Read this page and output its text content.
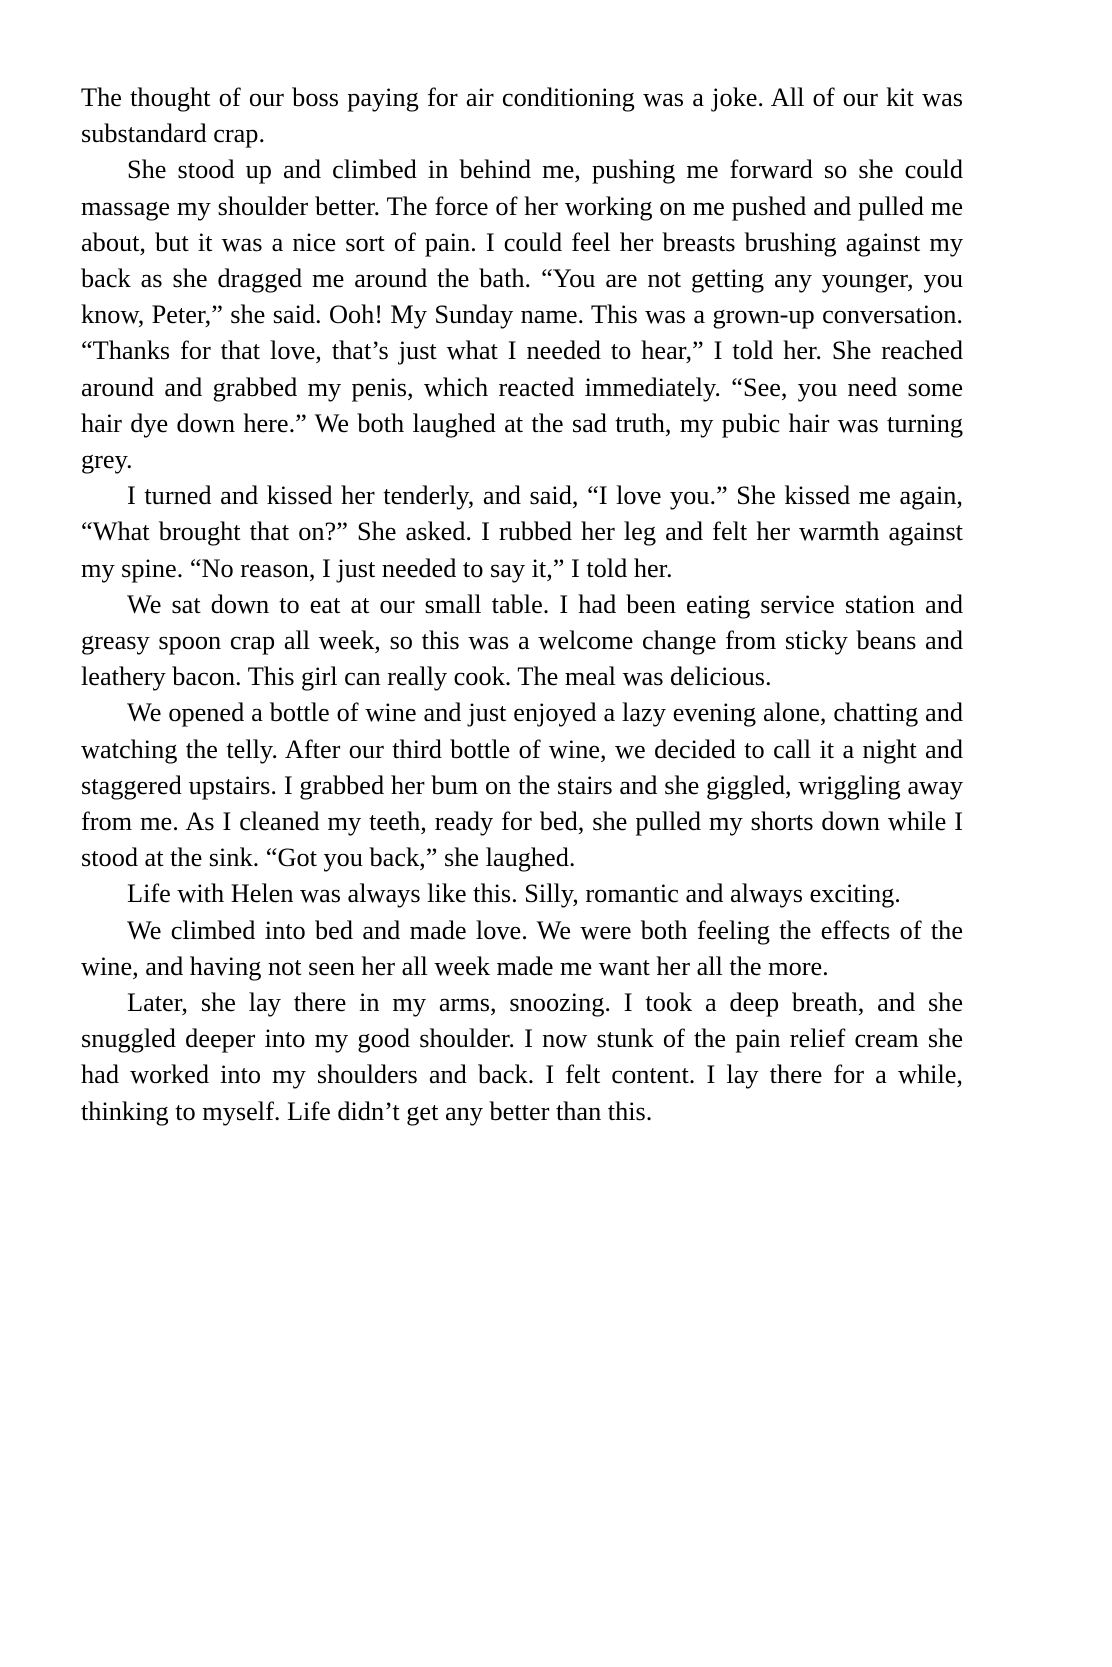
The thought of our boss paying for air conditioning was a joke. All of our kit was substandard crap.

She stood up and climbed in behind me, pushing me forward so she could massage my shoulder better. The force of her working on me pushed and pulled me about, but it was a nice sort of pain. I could feel her breasts brushing against my back as she dragged me around the bath. “You are not getting any younger, you know, Peter,” she said. Ooh! My Sunday name. This was a grown-up conversation. “Thanks for that love, that’s just what I needed to hear,” I told her. She reached around and grabbed my penis, which reacted immediately. “See, you need some hair dye down here.” We both laughed at the sad truth, my pubic hair was turning grey.

I turned and kissed her tenderly, and said, “I love you.” She kissed me again, “What brought that on?” She asked. I rubbed her leg and felt her warmth against my spine. “No reason, I just needed to say it,” I told her.

We sat down to eat at our small table. I had been eating service station and greasy spoon crap all week, so this was a welcome change from sticky beans and leathery bacon. This girl can really cook. The meal was delicious.

We opened a bottle of wine and just enjoyed a lazy evening alone, chatting and watching the telly. After our third bottle of wine, we decided to call it a night and staggered upstairs. I grabbed her bum on the stairs and she giggled, wriggling away from me. As I cleaned my teeth, ready for bed, she pulled my shorts down while I stood at the sink. “Got you back,” she laughed.

Life with Helen was always like this. Silly, romantic and always exciting.

We climbed into bed and made love. We were both feeling the effects of the wine, and having not seen her all week made me want her all the more.

Later, she lay there in my arms, snoozing. I took a deep breath, and she snuggled deeper into my good shoulder. I now stunk of the pain relief cream she had worked into my shoulders and back. I felt content. I lay there for a while, thinking to myself. Life didn’t get any better than this.
